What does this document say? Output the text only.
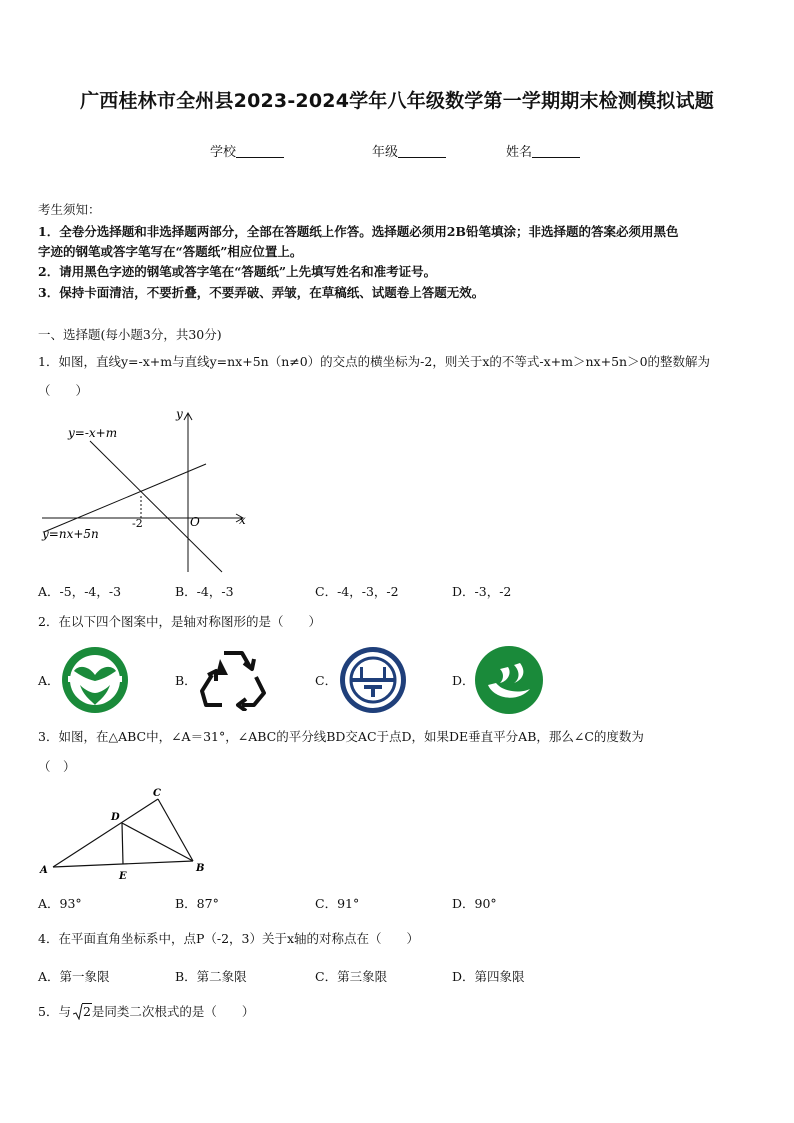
广西桂林市全州县2023-2024学年八年级数学第一学期期末检测模拟试题
学校	年级	姓名
考生须知：
1．全卷分选择题和非选择题两部分，全部在答题纸上作答。选择题必须用2B铅笔填涂；非选择题的答案必须用黑色
字迹的钢笔或答字笔写在“答题纸”相应位置上。
2．请用黑色字迹的钢笔或答字笔在“答题纸”上先填写姓名和准考证号。
3．保持卡面清洁，不要折叠，不要弄破、弄皱，在草稿纸、试题卷上答题无效。
一、选择题(每小题3分，共30分)
1．如图，直线y=-x+m与直线y=nx+5n（n≠0）的交点的横坐标为-2，则关于x的不等式-x+m＞nx+5n＞0的整数解为
（　　）
y
x
O
-2
y=-x+m
y=nx+5n
A．-5，-4，-3	B．-4，-3	C．-4，-3，-2	D．-3，-2
2．在以下四个图案中，是轴对称图形的是（　　）
A．	B．	C．	D．
3．如图，在△ABC中，∠A＝31°，∠ABC的平分线BD交AC于点D，如果DE垂直平分AB，那么∠C的度数为
（　）
A	B
C
D
E
A．93°	B．87°	C．91°	D．90°
4．在平面直角坐标系中，点P（-2，3）关于x轴的对称点在（　　）
A．第一象限	B．第二象限	C．第三象限	D．第四象限
5．与 2是同类二次根式的是（　　）
